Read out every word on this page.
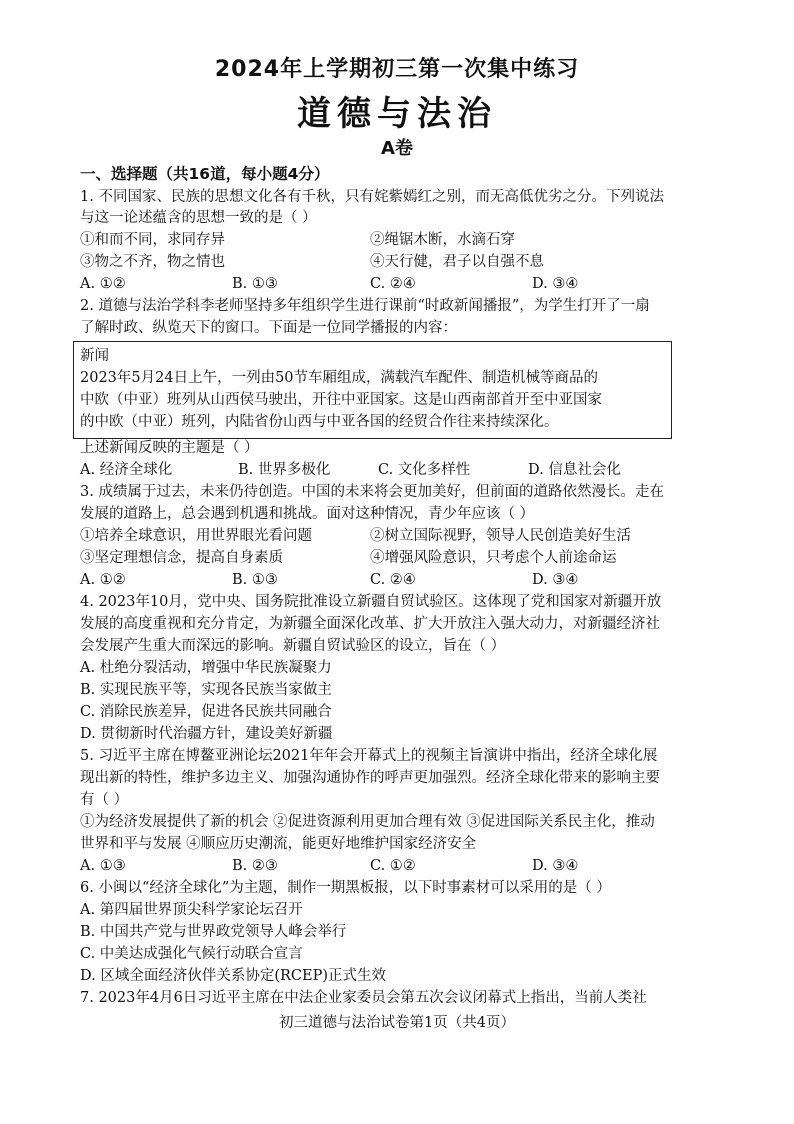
2024年上学期初三第一次集中练习
道德与法治
A卷
一、选择题（共16道，每小题4分）
1. 不同国家、民族的思想文化各有千秋，只有姹紫嫣红之别，而无高低优劣之分。下列说法
与这一论述蕴含的思想一致的是（ ）
①和而不同，求同存异	②绳锯木断，水滴石穿
③物之不齐，物之情也	④天行健，君子以自强不息
A. ①②	B. ①③	C. ②④	D. ③④
2. 道德与法治学科李老师坚持多年组织学生进行课前“时政新闻播报”，为学生打开了一扇
了解时政、纵览天下的窗口。下面是一位同学播报的内容：
新闻
2023年5月24日上午，一列由50节车厢组成，满载汽车配件、制造机械等商品的
中欧（中亚）班列从山西侯马驶出，开往中亚国家。这是山西南部首开至中亚国家
的中欧（中亚）班列，内陆省份山西与中亚各国的经贸合作往来持续深化。
上述新闻反映的主题是（ ）
A. 经济全球化	B. 世界多极化	C. 文化多样性	D. 信息社会化
3. 成绩属于过去，未来仍待创造。中国的未来将会更加美好，但前面的道路依然漫长。走在
发展的道路上，总会遇到机遇和挑战。面对这种情况，青少年应该（ ）
①培养全球意识，用世界眼光看问题	②树立国际视野，领导人民创造美好生活
③坚定理想信念，提高自身素质	④增强风险意识，只考虑个人前途命运
A. ①②	B. ①③	C. ②④	D. ③④
4. 2023年10月，党中央、国务院批准设立新疆自贸试验区。这体现了党和国家对新疆开放
发展的高度重视和充分肯定，为新疆全面深化改革、扩大开放注入强大动力，对新疆经济社
会发展产生重大而深远的影响。新疆自贸试验区的设立，旨在（ ）
A. 杜绝分裂活动，增强中华民族凝聚力
B. 实现民族平等，实现各民族当家做主
C. 消除民族差异，促进各民族共同融合
D. 贯彻新时代治疆方针，建设美好新疆
5. 习近平主席在博鳌亚洲论坛2021年年会开幕式上的视频主旨演讲中指出，经济全球化展
现出新的特性，维护多边主义、加强沟通协作的呼声更加强烈。经济全球化带来的影响主要
有（ ）
①为经济发展提供了新的机会 ②促进资源利用更加合理有效 ③促进国际关系民主化，推动
世界和平与发展 ④顺应历史潮流，能更好地维护国家经济安全
A. ①③	B. ②③	C. ①②	D. ③④
6. 小闽以“经济全球化”为主题，制作一期黑板报，以下时事素材可以采用的是（ ）
A. 第四届世界顶尖科学家论坛召开
B. 中国共产党与世界政党领导人峰会举行
C. 中美达成强化气候行动联合宣言
D. 区域全面经济伙伴关系协定(RCEP)正式生效
7. 2023年4月6日习近平主席在中法企业家委员会第五次会议闭幕式上指出，当前人类社
初三道德与法治试卷第1页（共4页）
